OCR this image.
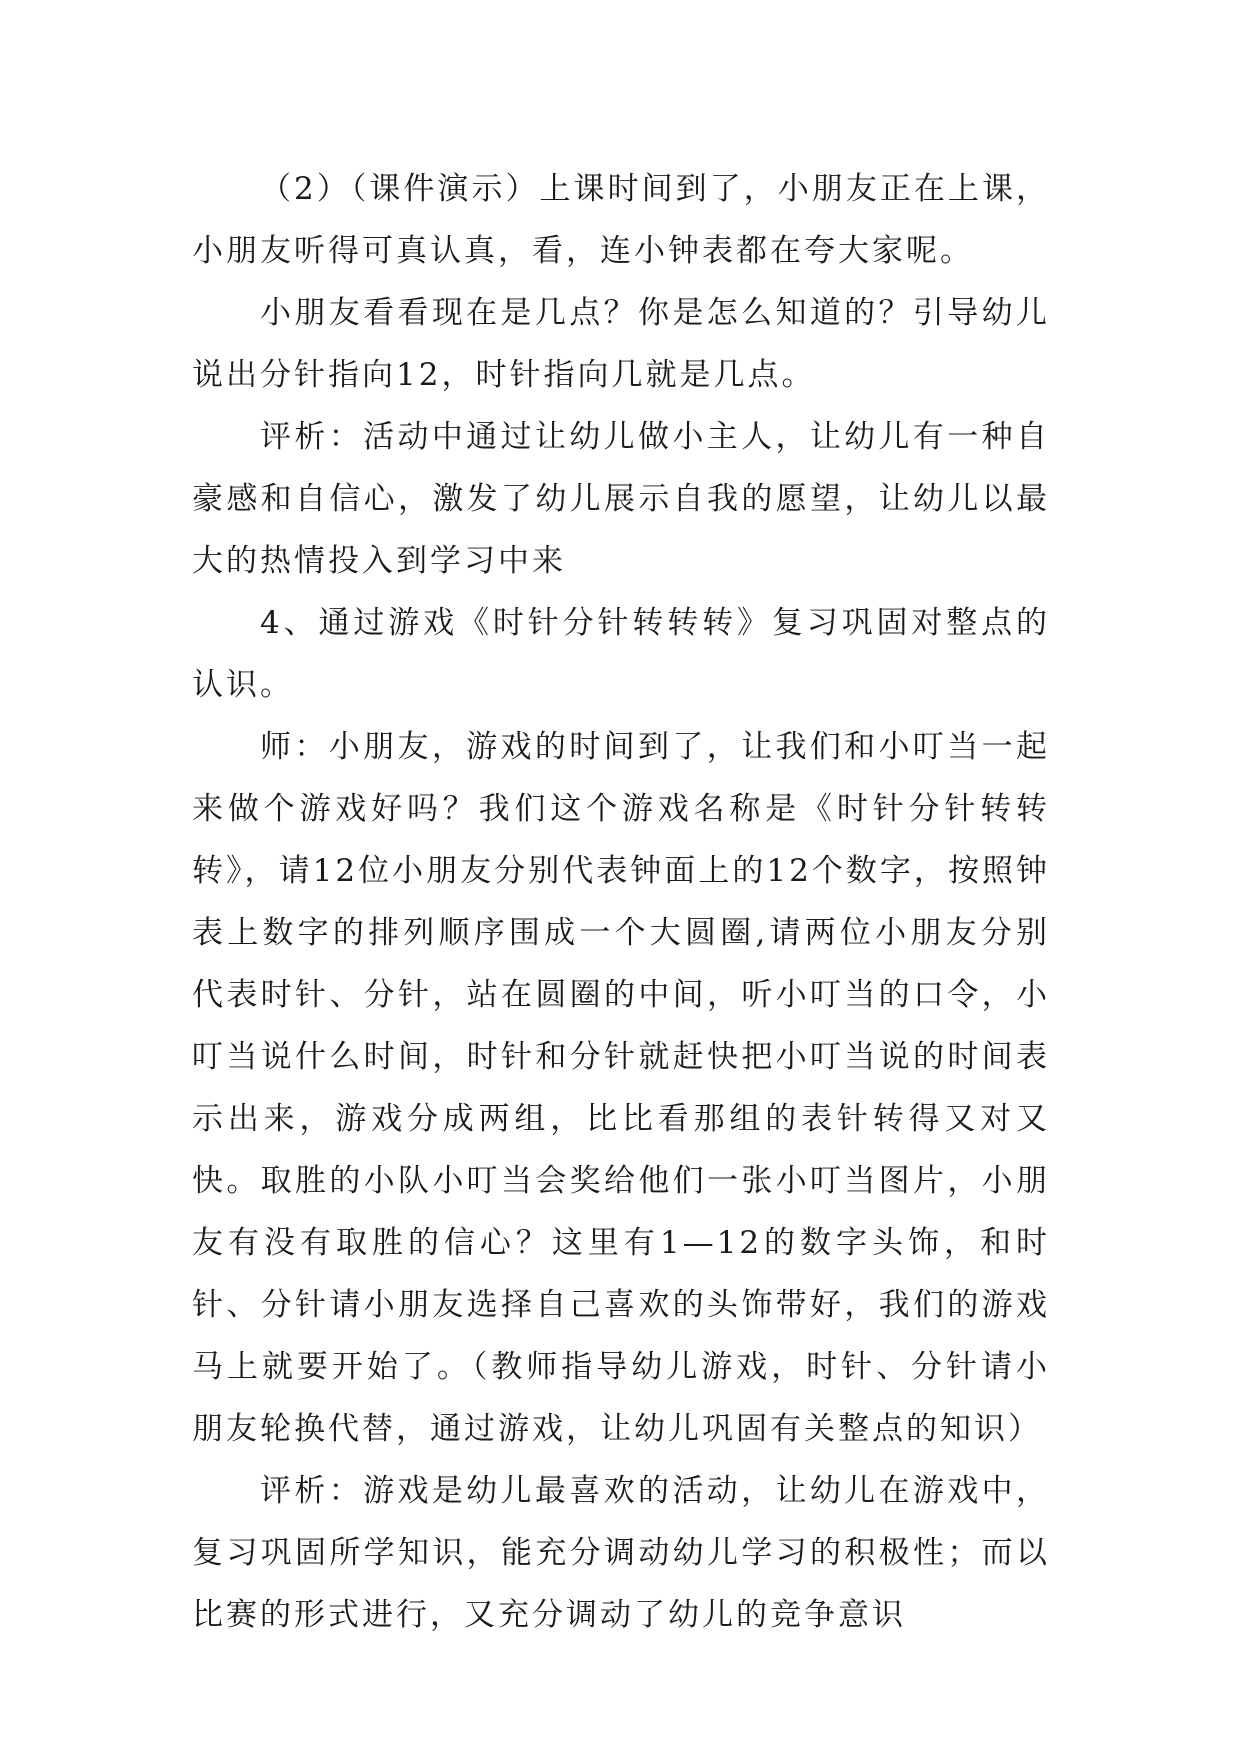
（2）（课件演示）上课时间到了，小朋友正在上课，小朋友听得可真认真，看，连小钟表都在夸大家呢。

小朋友看看现在是几点？你是怎么知道的？引导幼儿说出分针指向12，时针指向几就是几点。

评析：活动中通过让幼儿做小主人，让幼儿有一种自豪感和自信心，激发了幼儿展示自我的愿望，让幼儿以最大的热情投入到学习中来

4、通过游戏《时针分针转转转》复习巩固对整点的认识。

师：小朋友，游戏的时间到了，让我们和小叮当一起来做个游戏好吗？我们这个游戏名称是《时针分针转转转》，请12位小朋友分别代表钟面上的12个数字，按照钟表上数字的排列顺序围成一个大圆圈,请两位小朋友分别代表时针、分针，站在圆圈的中间，听小叮当的口令，小叮当说什么时间，时针和分针就赶快把小叮当说的时间表示出来，游戏分成两组，比比看那组的表针转得又对又快。取胜的小队小叮当会奖给他们一张小叮当图片，小朋友有没有取胜的信心？这里有1—12的数字头饰，和时针、分针请小朋友选择自己喜欢的头饰带好，我们的游戏马上就要开始了。（教师指导幼儿游戏，时针、分针请小朋友轮换代替，通过游戏，让幼儿巩固有关整点的知识）

评析：游戏是幼儿最喜欢的活动，让幼儿在游戏中，复习巩固所学知识，能充分调动幼儿学习的积极性；而以比赛的形式进行，又充分调动了幼儿的竞争意识
